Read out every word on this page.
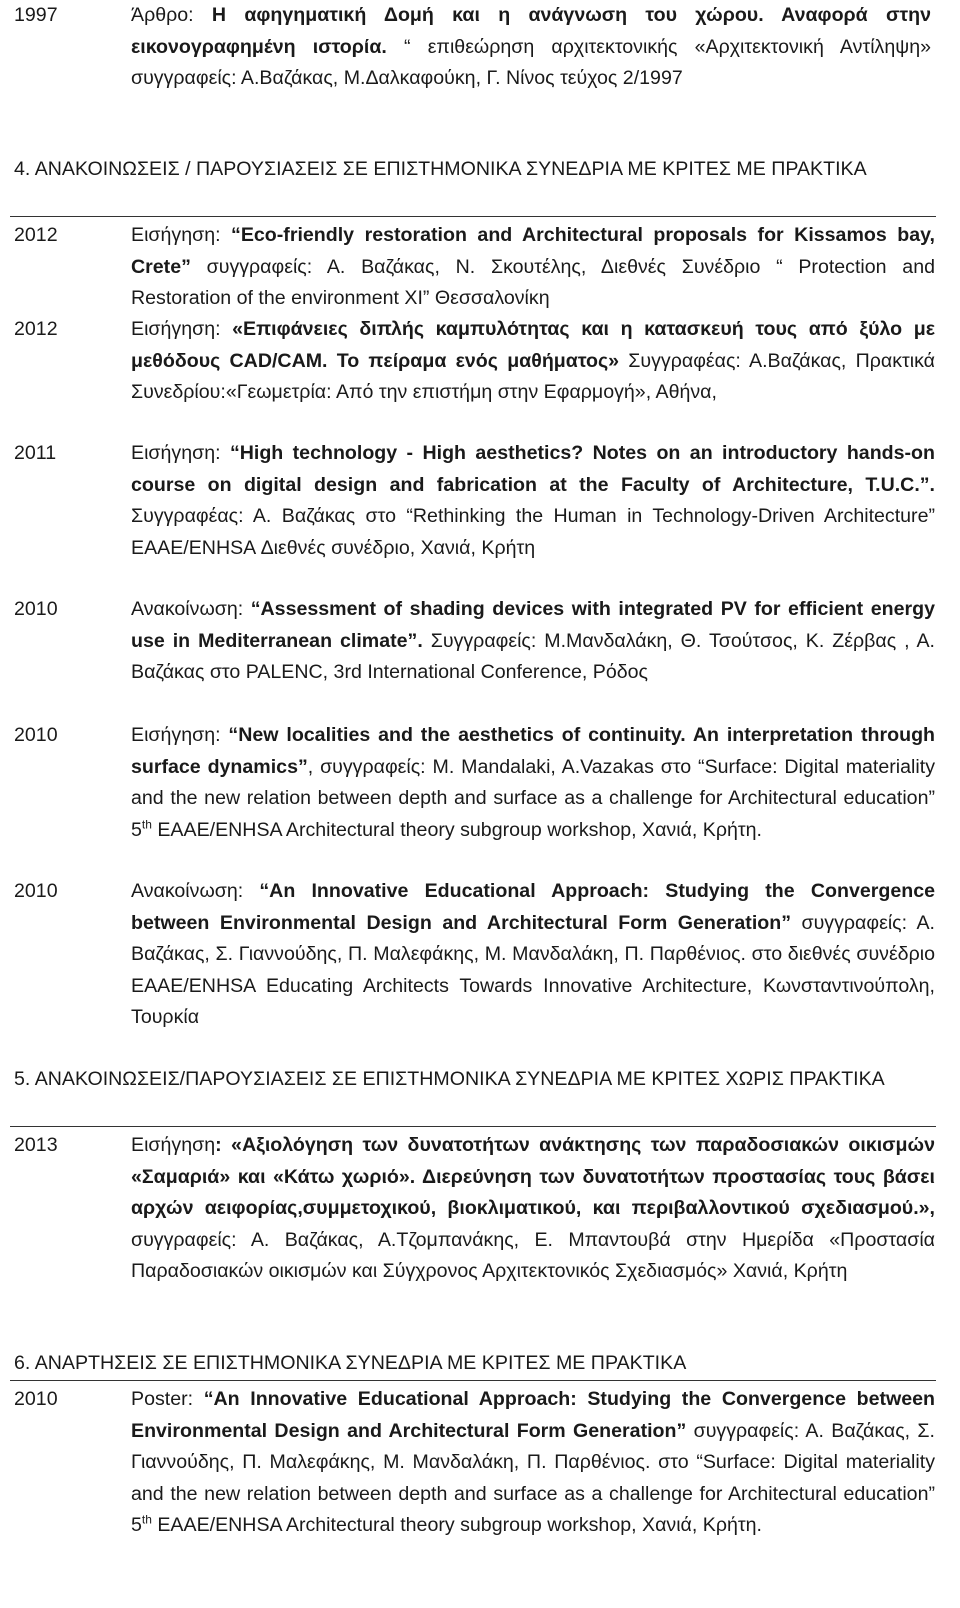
1997	Άρθρο: Η αφηγηματική Δομή και η ανάγνωση του χώρου. Αναφορά στην εικονογραφημένη ιστορία. “ επιθεώρηση αρχιτεκτονικής «Αρχιτεκτονική Αντίληψη» συγγραφείς: Α.Βαζάκας, Μ.Δαλκαφούκη, Γ. Νίνος τεύχος 2/1997
4. ΑΝΑΚΟΙΝΩΣΕΙΣ / ΠΑΡΟΥΣΙΑΣΕΙΣ ΣΕ ΕΠΙΣΤΗΜΟΝΙΚΑ ΣΥΝΕΔΡΙΑ ΜΕ ΚΡΙΤΕΣ ΜΕ ΠΡΑΚΤΙΚΑ
2012	Εισήγηση: “Eco-friendly restoration and Architectural proposals for Kissamos bay, Crete” συγγραφείς: Α. Βαζάκας, Ν. Σκουτέλης, Διεθνές Συνέδριο “ Protection and Restoration of the environment XI” Θεσσαλονίκη
2012	Εισήγηση: «Επιφάνειες διπλής καμπυλότητας και η κατασκευή τους από ξύλο με μεθόδους CAD/CAM. Το πείραμα ενός μαθήματος» Συγγραφέας: Α.Βαζάκας, Πρακτικά Συνεδρίου:«Γεωμετρία: Από την επιστήμη στην Εφαρμογή», Αθήνα,
2011	Εισήγηση: “High technology - High aesthetics? Notes on an introductory hands-on course on digital design and fabrication at the Faculty of Architecture, T.U.C.”. Συγγραφέας: Α. Βαζάκας στο “Rethinking the Human in Technology-Driven Architecture” EAAE/ENHSA Διεθνές συνέδριο, Χανιά, Κρήτη
2010	Ανακοίνωση: “Assessment of shading devices with integrated PV for efficient energy use in Mediterranean climate”. Συγγραφείς: Μ.Μανδαλάκη, Θ. Τσούτσος, Κ. Ζέρβας , Α. Βαζάκας στο PALENC, 3rd International Conference, Ρόδος
2010	Εισήγηση: “New localities and the aesthetics of continuity. An interpretation through surface dynamics”, συγγραφείς: M. Mandalaki, A.Vazakas στο “Surface: Digital materiality and the new relation between depth and surface as a challenge for Architectural education” 5th EAAE/ENHSA Architectural theory subgroup workshop, Χανιά, Κρήτη.
2010	Ανακοίνωση: “An Innovative Educational Approach: Studying the Convergence between Environmental Design and Architectural Form Generation” συγγραφείς: Α. Βαζάκας, Σ. Γιαννούδης, Π. Μαλεφάκης, Μ. Μανδαλάκη, Π. Παρθένιος. στο διεθνές συνέδριο EAAE/ENHSA Educating Architects Towards Innovative Architecture, Κωνσταντινούπολη, Τουρκία
5. ΑΝΑΚΟΙΝΩΣΕΙΣ/ΠΑΡΟΥΣΙΑΣΕΙΣ ΣΕ ΕΠΙΣΤΗΜΟΝΙΚΑ ΣΥΝΕΔΡΙΑ ΜΕ ΚΡΙΤΕΣ ΧΩΡΙΣ ΠΡΑΚΤΙΚΑ
2013	Εισήγηση: «Αξιολόγηση των δυνατοτήτων ανάκτησης των παραδοσιακών οικισμών «Σαμαριά» και «Κάτω χωριό». Διερεύνηση των δυνατοτήτων προστασίας τους βάσει αρχών αειφορίας,συμμετοχικού, βιοκλιματικού, και περιβαλλοντικού σχεδιασμού.», συγγραφείς: Α. Βαζάκας, Α.Τζομπανάκης, Ε. Μπαντουβά στην Ημερίδα «Προστασία Παραδοσιακών οικισμών και Σύγχρονος Αρχιτεκτονικός Σχεδιασμός» Χανιά, Κρήτη
6. ΑΝΑΡΤΗΣΕΙΣ ΣΕ ΕΠΙΣΤΗΜΟΝΙΚΑ ΣΥΝΕΔΡΙΑ ΜΕ ΚΡΙΤΕΣ ΜΕ ΠΡΑΚΤΙΚΑ
2010	Poster: “An Innovative Educational Approach: Studying the Convergence between Environmental Design and Architectural Form Generation” συγγραφείς: Α. Βαζάκας, Σ. Γιαννούδης, Π. Μαλεφάκης, Μ. Μανδαλάκη, Π. Παρθένιος. στο “Surface: Digital materiality and the new relation between depth and surface as a challenge for Architectural education” 5th EAAE/ENHSA Architectural theory subgroup workshop, Χανιά, Κρήτη.
